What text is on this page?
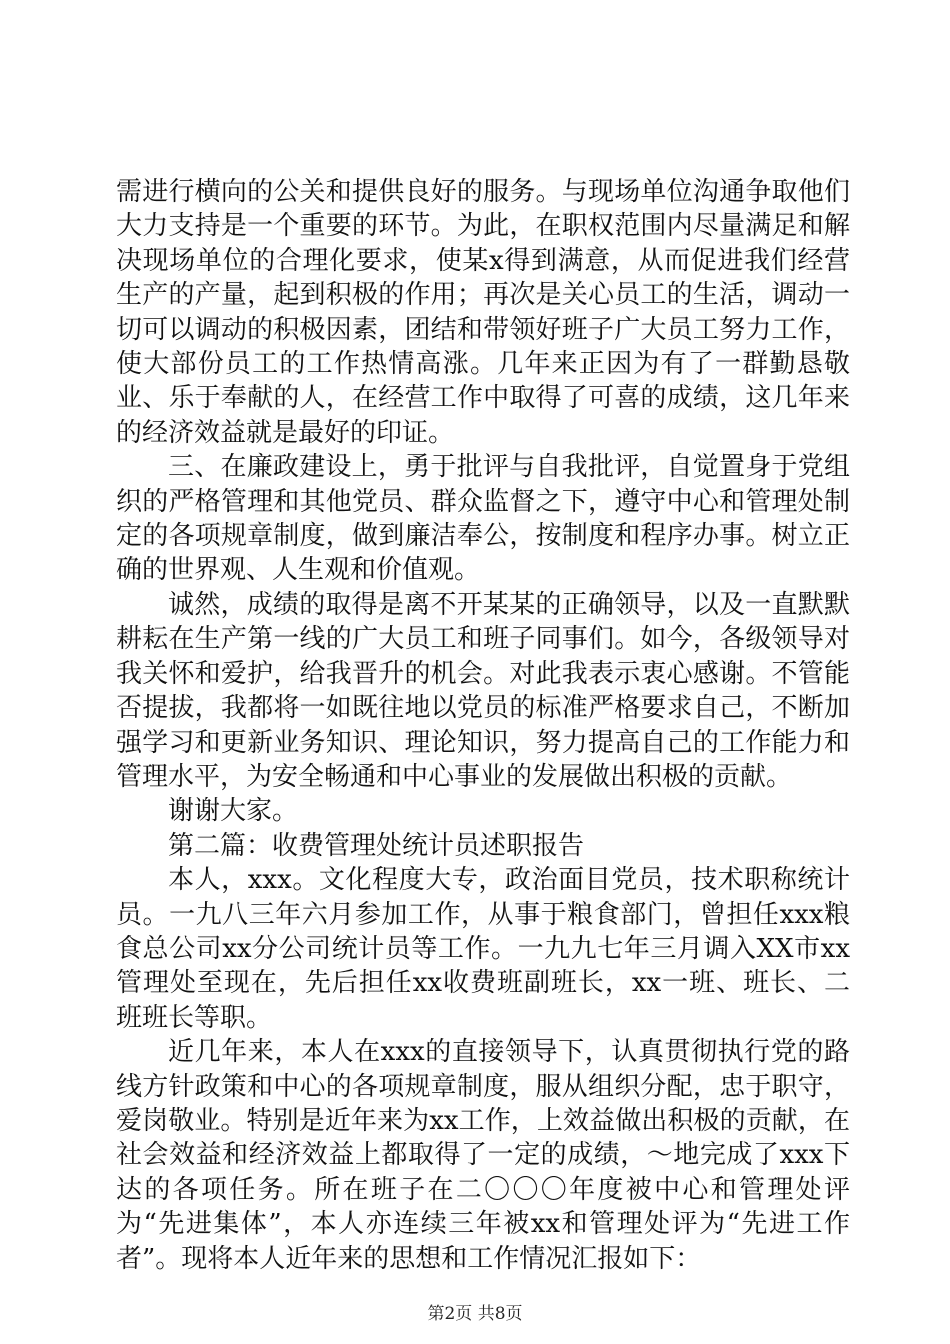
需进行横向的公关和提供良好的服务。与现场单位沟通争取他们大力支持是一个重要的环节。为此，在职权范围内尽量满足和解决现场单位的合理化要求，使某x得到满意，从而促进我们经营生产的产量，起到积极的作用；再次是关心员工的生活，调动一切可以调动的积极因素，团结和带领好班子广大员工努力工作，使大部份员工的工作热情高涨。几年来正因为有了一群勤恳敬业、乐于奉献的人，在经营工作中取得了可喜的成绩，这几年来的经济效益就是最好的印证。

三、在廉政建设上，勇于批评与自我批评，自觉置身于党组织的严格管理和其他党员、群众监督之下，遵守中心和管理处制定的各项规章制度，做到廉洁奉公，按制度和程序办事。树立正确的世界观、人生观和价值观。

诚然，成绩的取得是离不开某某的正确领导，以及一直默默耕耘在生产第一线的广大员工和班子同事们。如今，各级领导对我关怀和爱护，给我晋升的机会。对此我表示衷心感谢。不管能否提拔，我都将一如既往地以党员的标准严格要求自己，不断加强学习和更新业务知识、理论知识，努力提高自己的工作能力和管理水平，为安全畅通和中心事业的发展做出积极的贡献。

谢谢大家。

第二篇：收费管理处统计员述职报告

本人，xxx。文化程度大专，政治面目党员，技术职称统计员。一九八三年六月参加工作，从事于粮食部门，曾担任xxx粮食总公司xx分公司统计员等工作。一九九七年三月调入XX市xx管理处至现在，先后担任xx收费班副班长，xx一班、班长、二班班长等职。

近几年来，本人在xxx的直接领导下，认真贯彻执行党的路线方针政策和中心的各项规章制度，服从组织分配，忠于职守，爱岗敬业。特别是近年来为xx工作，上效益做出积极的贡献，在社会效益和经济效益上都取得了一定的成绩，～地完成了xxx下达的各项任务。所在班子在二〇〇〇年度被中心和管理处评为“先进集体”，本人亦连续三年被xx和管理处评为“先进工作者”。现将本人近年来的思想和工作情况汇报如下：

第2页 共8页
